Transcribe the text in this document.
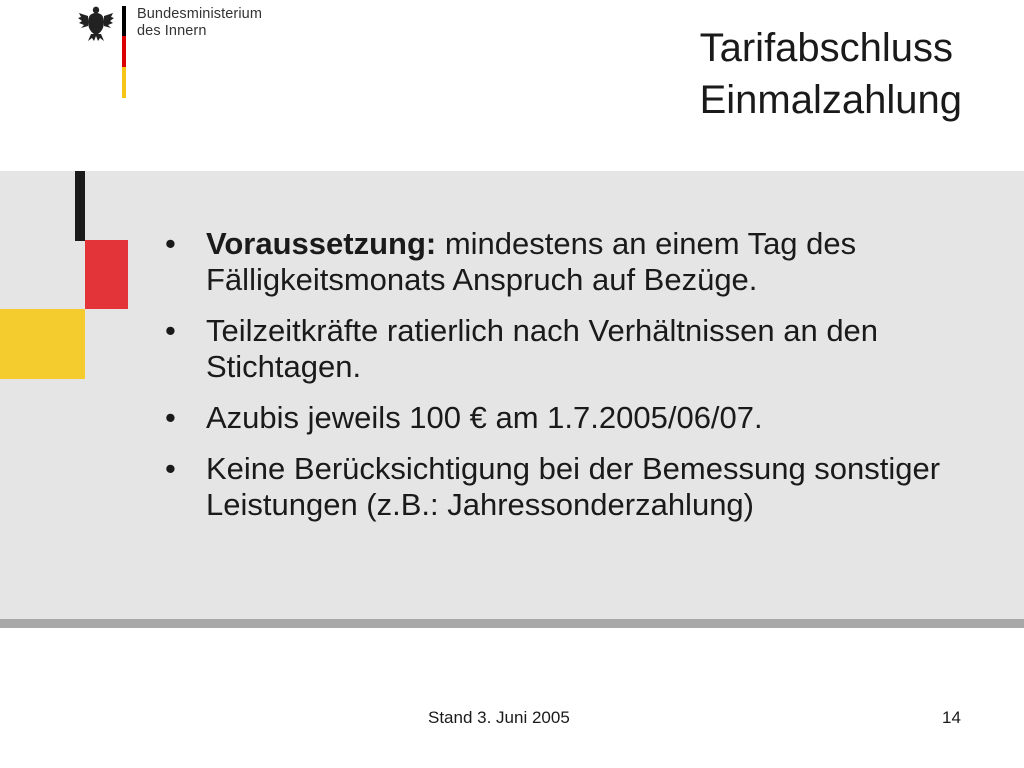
Bundesministerium
des Innern	Tarifabschluss
Einmalzahlung
• Voraussetzung: mindestens an einem Tag des Fälligkeitsmonats Anspruch auf Bezüge.
• Teilzeitkräfte ratierlich nach Verhältnissen an den Stichtagen.
• Azubis jeweils 100 € am 1.7.2005/06/07.
• Keine Berücksichtigung bei der Bemessung sonstiger Leistungen (z.B.: Jahressonderzahlung)
Stand 3. Juni 2005	14
